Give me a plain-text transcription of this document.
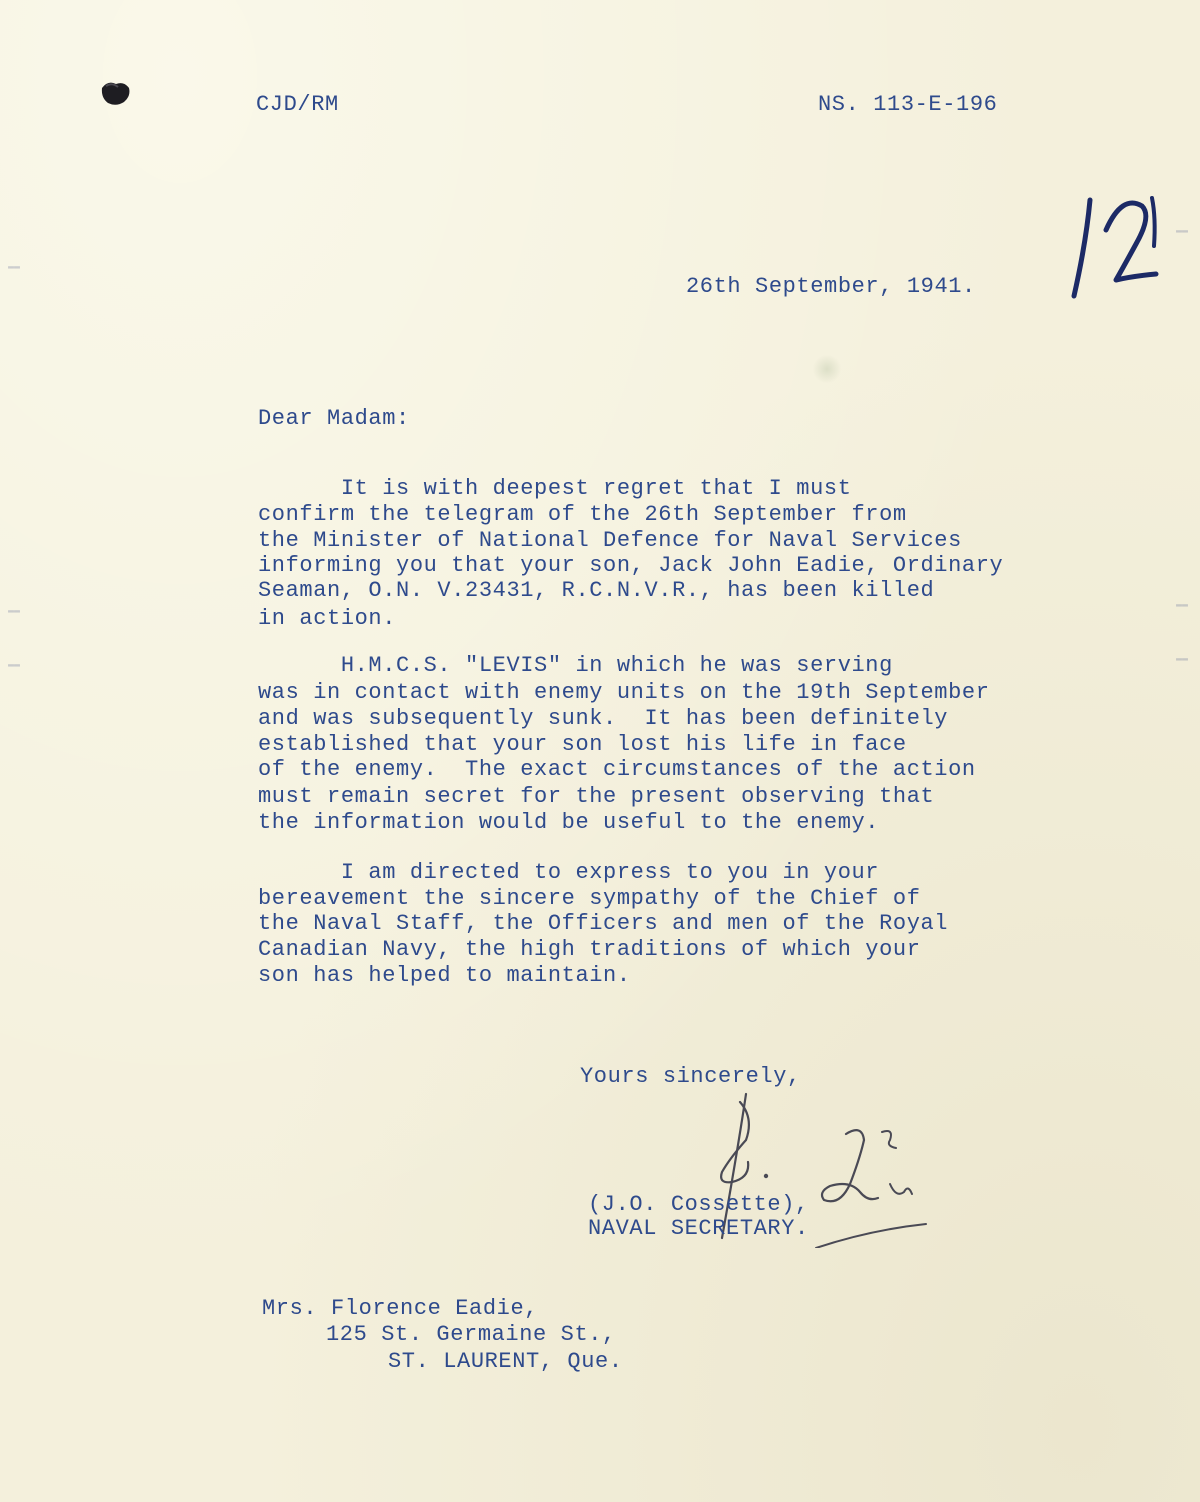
▬▬
▬▬
▬▬
▬▬
▬▬
▬▬

CJD/RM	NS. 113-E-196

26th September, 1941.

Dear Madam:

It is with deepest regret that I must

confirm the telegram of the 26th September from

the Minister of National Defence for Naval Services

informing you that your son, Jack John Eadie, Ordinary

Seaman, O.N. V.23431, R.C.N.V.R., has been killed

in action.

H.M.C.S. "LEVIS" in which he was serving

was in contact with enemy units on the 19th September

and was subsequently sunk.  It has been definitely

established that your son lost his life in face

of the enemy.  The exact circumstances of the action

must remain secret for the present observing that

the information would be useful to the enemy.

I am directed to express to you in your

bereavement the sincere sympathy of the Chief of

the Naval Staff, the Officers and men of the Royal

Canadian Navy, the high traditions of which your

son has helped to maintain.

Yours sincerely,

(J.O. Cossette),

NAVAL SECRETARY.

Mrs. Florence Eadie,

125 St. Germaine St.,

ST. LAURENT, Que.
